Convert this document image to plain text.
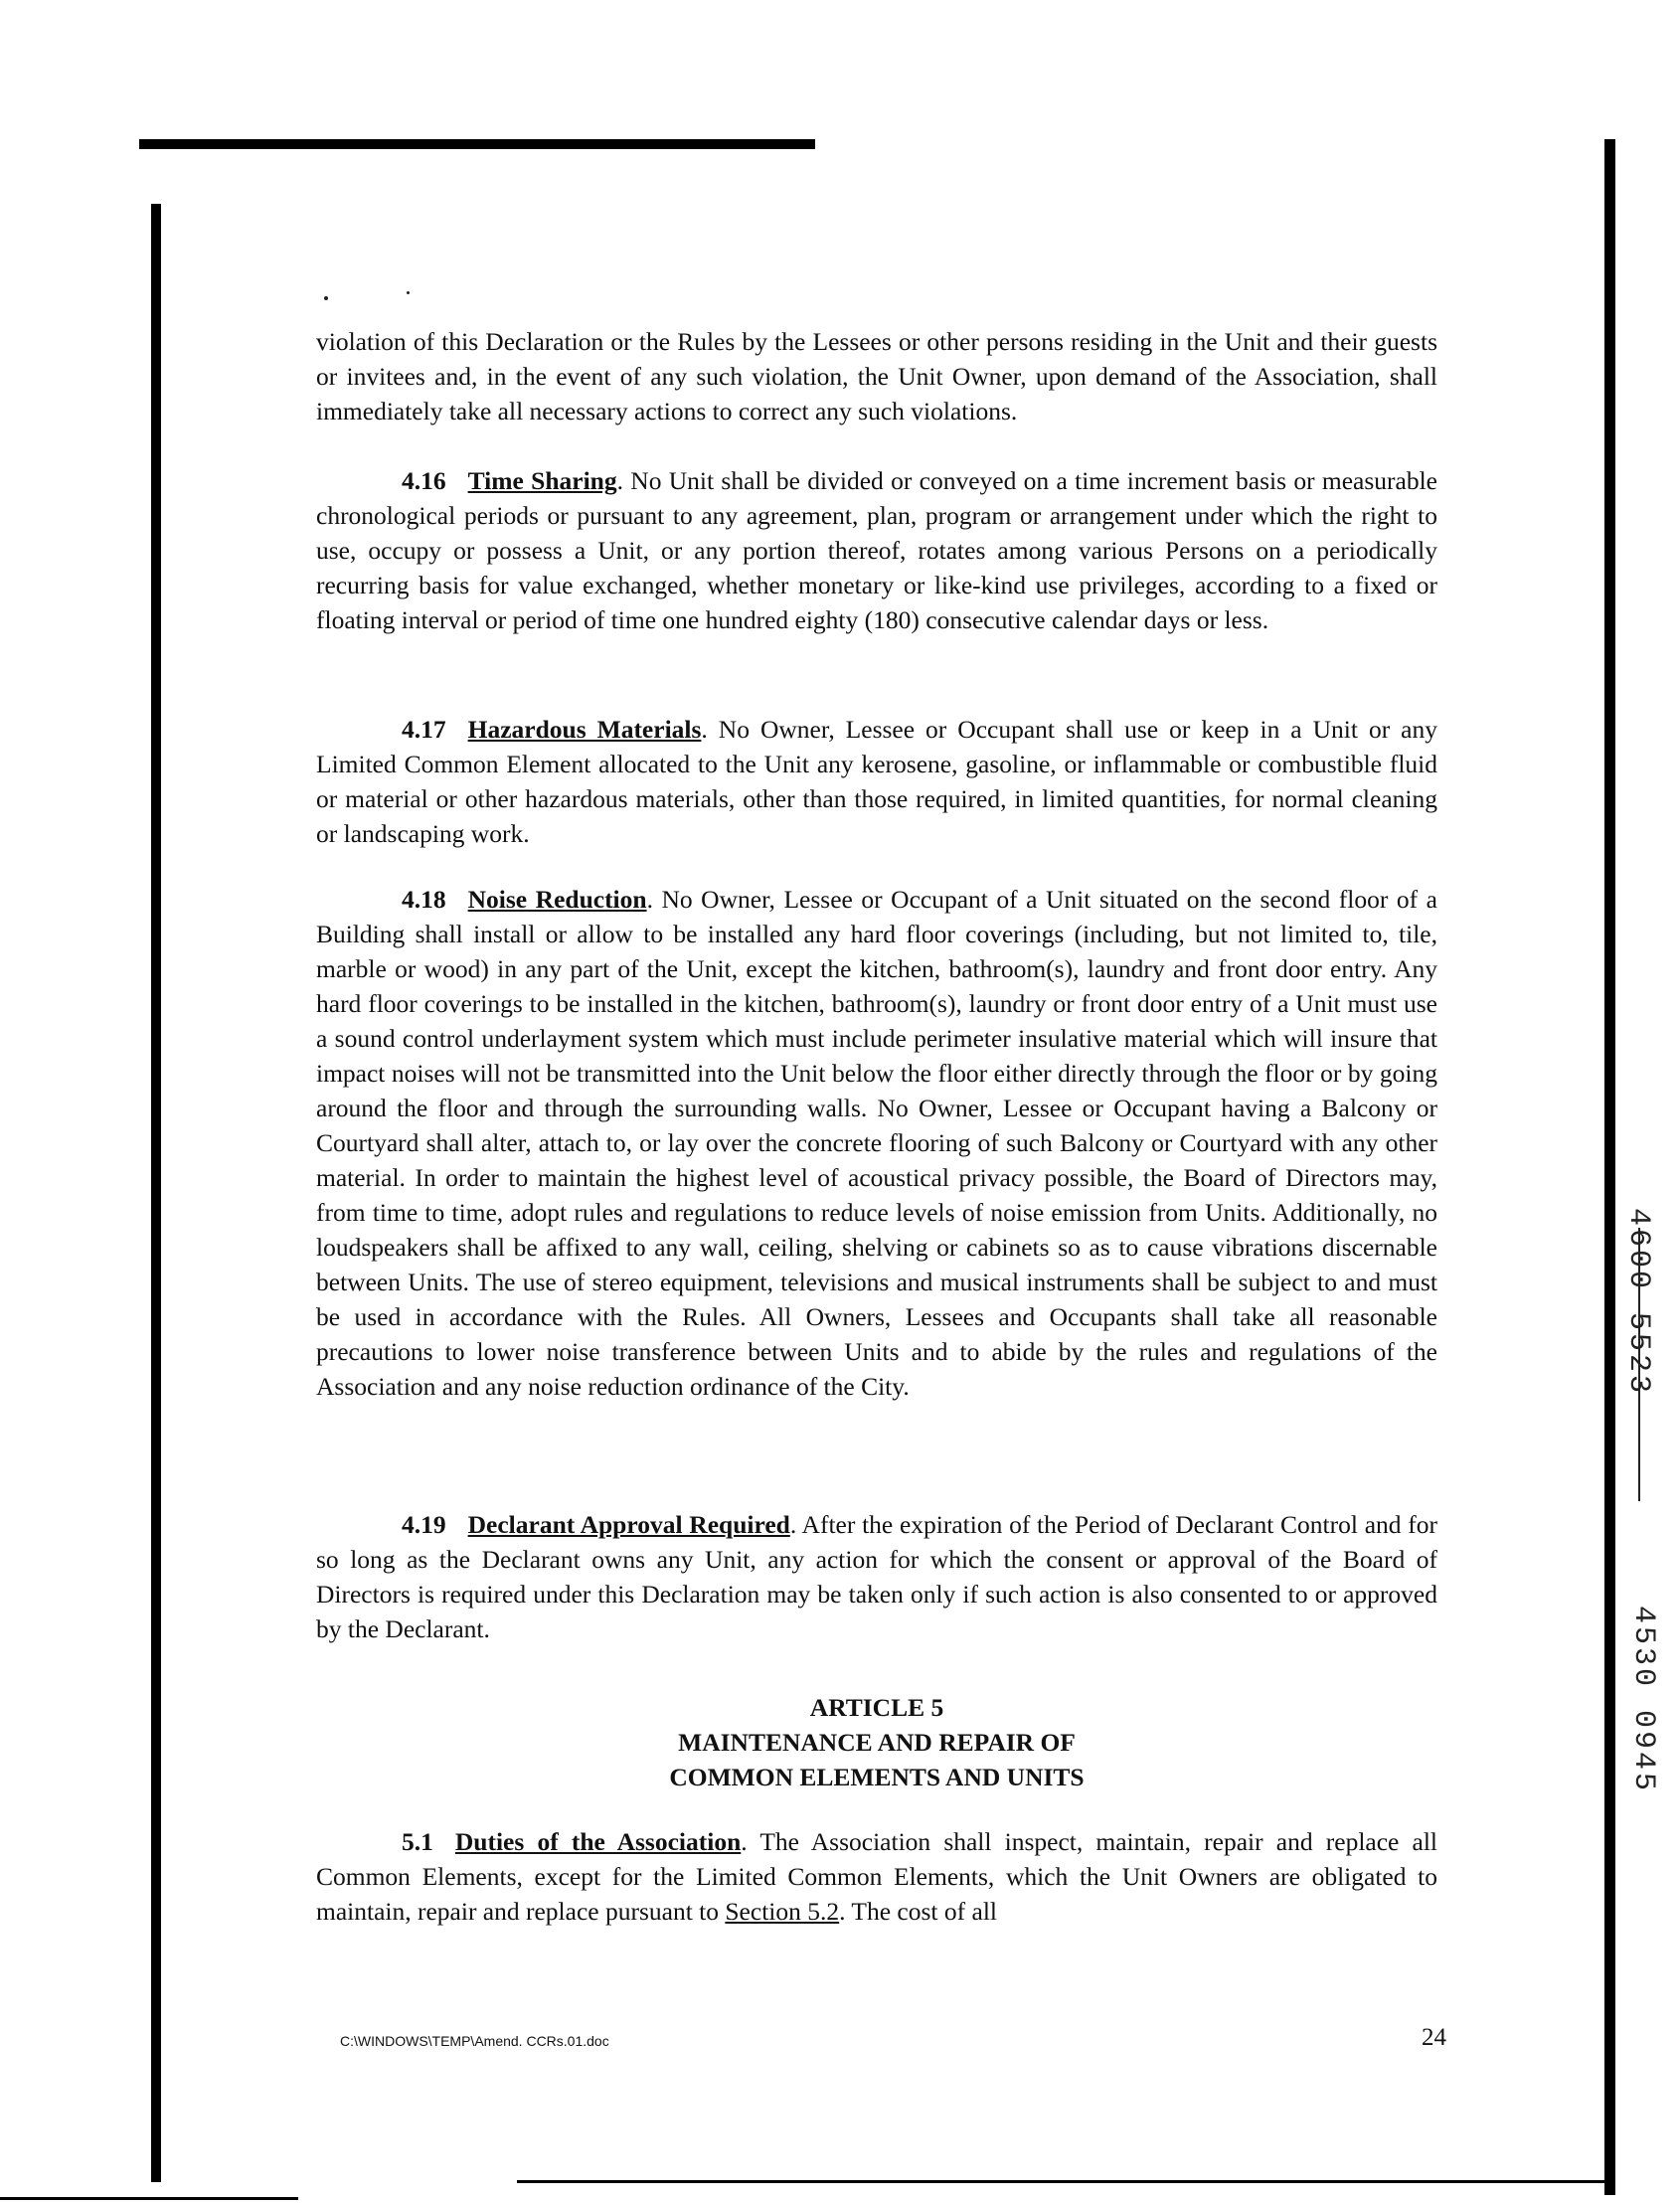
violation of this Declaration or the Rules by the Lessees or other persons residing in the Unit and their guests or invitees and, in the event of any such violation, the Unit Owner, upon demand of the Association, shall immediately take all necessary actions to correct any such violations.

4.16 Time Sharing. No Unit shall be divided or conveyed on a time increment basis or measurable chronological periods or pursuant to any agreement, plan, program or arrangement under which the right to use, occupy or possess a Unit, or any portion thereof, rotates among various Persons on a periodically recurring basis for value exchanged, whether monetary or like-kind use privileges, according to a fixed or floating interval or period of time one hundred eighty (180) consecutive calendar days or less.

4.17 Hazardous Materials. No Owner, Lessee or Occupant shall use or keep in a Unit or any Limited Common Element allocated to the Unit any kerosene, gasoline, or inflammable or combustible fluid or material or other hazardous materials, other than those required, in limited quantities, for normal cleaning or landscaping work.

4.18 Noise Reduction. No Owner, Lessee or Occupant of a Unit situated on the second floor of a Building shall install or allow to be installed any hard floor coverings (including, but not limited to, tile, marble or wood) in any part of the Unit, except the kitchen, bathroom(s), laundry and front door entry. Any hard floor coverings to be installed in the kitchen, bathroom(s), laundry or front door entry of a Unit must use a sound control underlayment system which must include perimeter insulative material which will insure that impact noises will not be transmitted into the Unit below the floor either directly through the floor or by going around the floor and through the surrounding walls. No Owner, Lessee or Occupant having a Balcony or Courtyard shall alter, attach to, or lay over the concrete flooring of such Balcony or Courtyard with any other material. In order to maintain the highest level of acoustical privacy possible, the Board of Directors may, from time to time, adopt rules and regulations to reduce levels of noise emission from Units. Additionally, no loudspeakers shall be affixed to any wall, ceiling, shelving or cabinets so as to cause vibrations discernable between Units. The use of stereo equipment, televisions and musical instruments shall be subject to and must be used in accordance with the Rules. All Owners, Lessees and Occupants shall take all reasonable precautions to lower noise transference between Units and to abide by the rules and regulations of the Association and any noise reduction ordinance of the City.

4.19 Declarant Approval Required. After the expiration of the Period of Declarant Control and for so long as the Declarant owns any Unit, any action for which the consent or approval of the Board of Directors is required under this Declaration may be taken only if such action is also consented to or approved by the Declarant.

ARTICLE 5
MAINTENANCE AND REPAIR OF
COMMON ELEMENTS AND UNITS

5.1 Duties of the Association. The Association shall inspect, maintain, repair and replace all Common Elements, except for the Limited Common Elements, which the Unit Owners are obligated to maintain, repair and replace pursuant to Section 5.2. The cost of all

C:\WINDOWS\TEMP\Amend. CCRs.01.doc	24
4600 5523
4530 0945
